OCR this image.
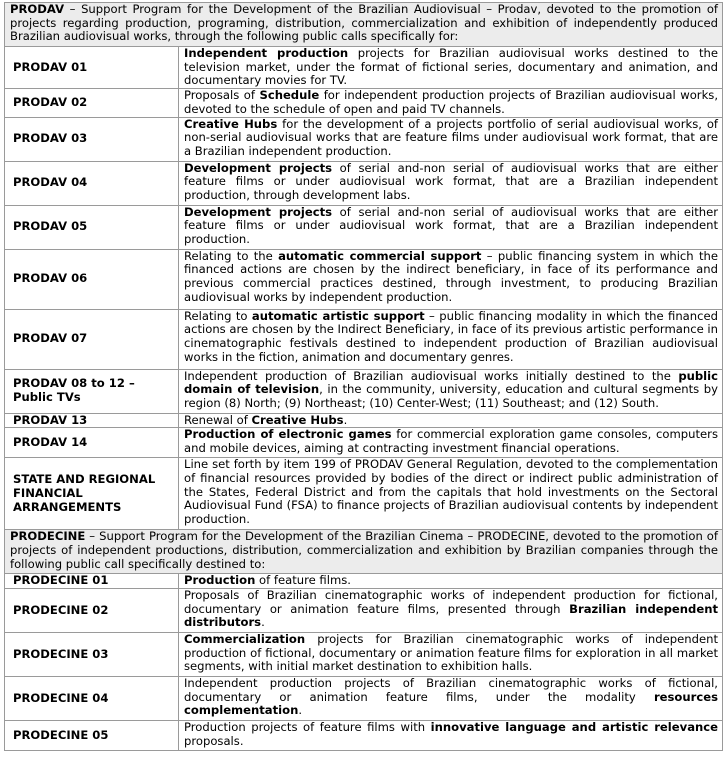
PRODAV – Support Program for the Development of the Brazilian Audiovisual – Prodav, devoted to the promotion of projects regarding production, programing, distribution, commercialization and exhibition of independently produced Brazilian audiovisual works, through the following public calls specifically for:	
PRODAV 01	Independent production projects for Brazilian audiovisual works destined to the television market, under the format of fictional series, documentary and animation, and documentary movies for TV.
PRODAV 02	Proposals of Schedule for independent production projects of Brazilian audiovisual works, devoted to the schedule of open and paid TV channels.
PRODAV 03	Creative Hubs for the development of a projects portfolio of serial audiovisual works, of non-serial audiovisual works that are feature films under audiovisual work format, that are a Brazilian independent production.
PRODAV 04	Development projects of serial and-non serial of audiovisual works that are either feature films or under audiovisual work format, that are a Brazilian independent production, through development labs.
PRODAV 05	Development projects of serial and-non serial of audiovisual works that are either feature films or under audiovisual work format, that are a Brazilian independent production.
PRODAV 06	Relating to the automatic commercial support – public financing system in which the financed actions are chosen by the indirect beneficiary, in face of its performance and previous commercial practices destined, through investment, to producing Brazilian audiovisual works by independent production.
PRODAV 07	Relating to automatic artistic support – public financing modality in which the financed actions are chosen by the Indirect Beneficiary, in face of its previous artistic performance in cinematographic festivals destined to independent production of Brazilian audiovisual works in the fiction, animation and documentary genres.
PRODAV 08 to 12 – Public TVs	Independent production of Brazilian audiovisual works initially destined to the public domain of television, in the community, university, education and cultural segments by region (8) North; (9) Northeast; (10) Center-West; (11) Southeast; and (12) South.
PRODAV 13	Renewal of Creative Hubs.
PRODAV 14	Production of electronic games for commercial exploration game consoles, computers and mobile devices, aiming at contracting investment financial operations.
STATE AND REGIONAL FINANCIAL ARRANGEMENTS	Line set forth by item 199 of PRODAV General Regulation, devoted to the complementation of financial resources provided by bodies of the direct or indirect public administration of the States, Federal District and from the capitals that hold investments on the Sectoral Audiovisual Fund (FSA) to finance projects of Brazilian audiovisual contents by independent production.
PRODECINE – Support Program for the Development of the Brazilian Cinema – PRODECINE, devoted to the promotion of projects of independent productions, distribution, commercialization and exhibition by Brazilian companies through the following public call specifically destined to:	
PRODECINE 01	Production of feature films.
PRODECINE 02	Proposals of Brazilian cinematographic works of independent production for fictional, documentary or animation feature films, presented through Brazilian independent distributors.
PRODECINE 03	Commercialization projects for Brazilian cinematographic works of independent production of fictional, documentary or animation feature films for exploration in all market segments, with initial market destination to exhibition halls.
PRODECINE 04	Independent production projects of Brazilian cinematographic works of fictional, documentary or animation feature films, under the modality resources complementation.
PRODECINE 05	Production projects of feature films with innovative language and artistic relevance proposals.
